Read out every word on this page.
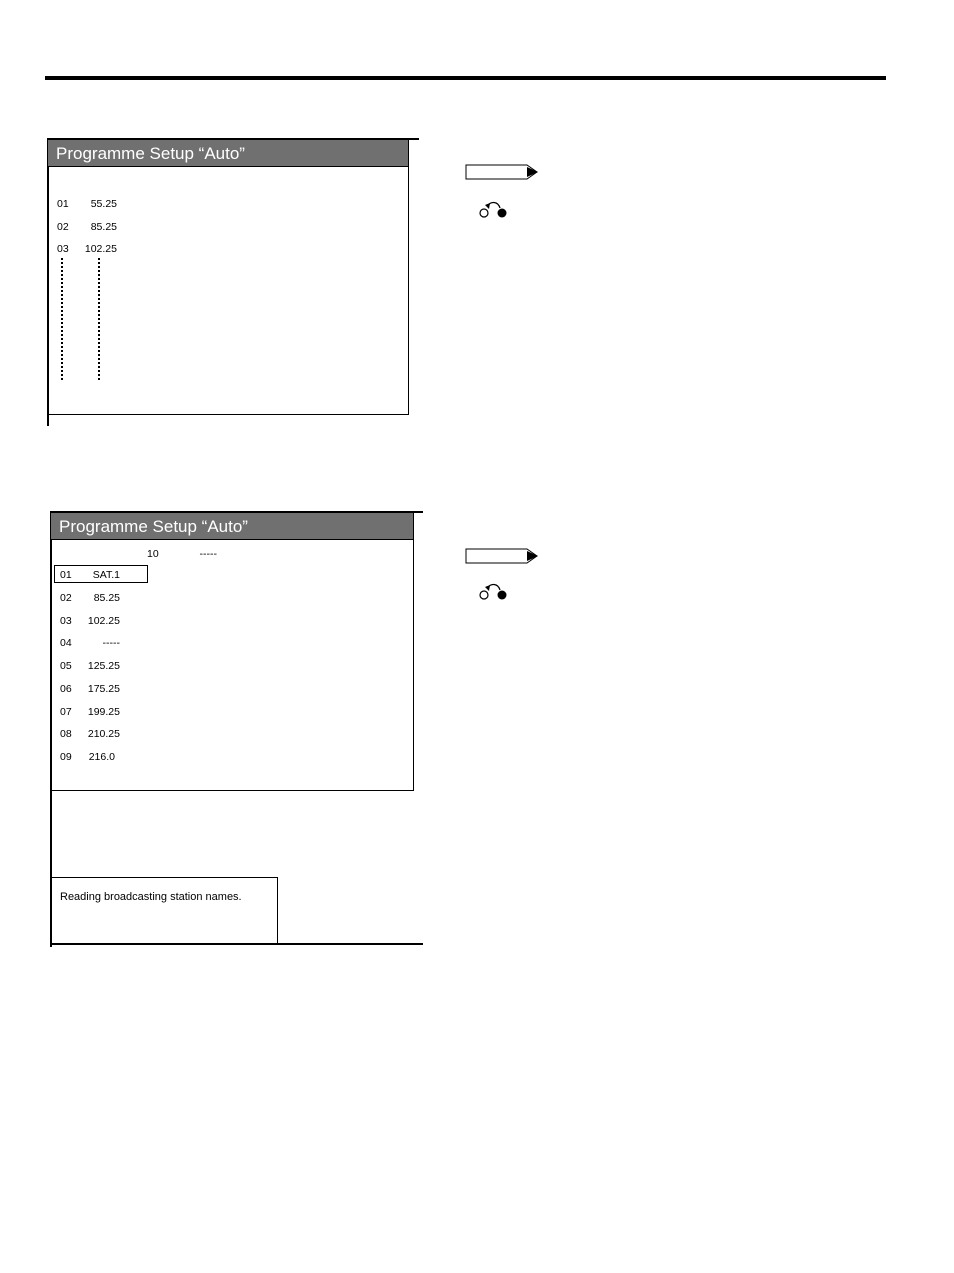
Programme Setup “Auto”
01 55.25
02 85.25
03 102.25
Programme Setup “Auto”
10	-----
01 SAT.1
02 85.25
03 102.25
04	-----
05 125.25
06 175.25
07 199.25
08 210.25
09 216.0
Reading broadcasting station names.
